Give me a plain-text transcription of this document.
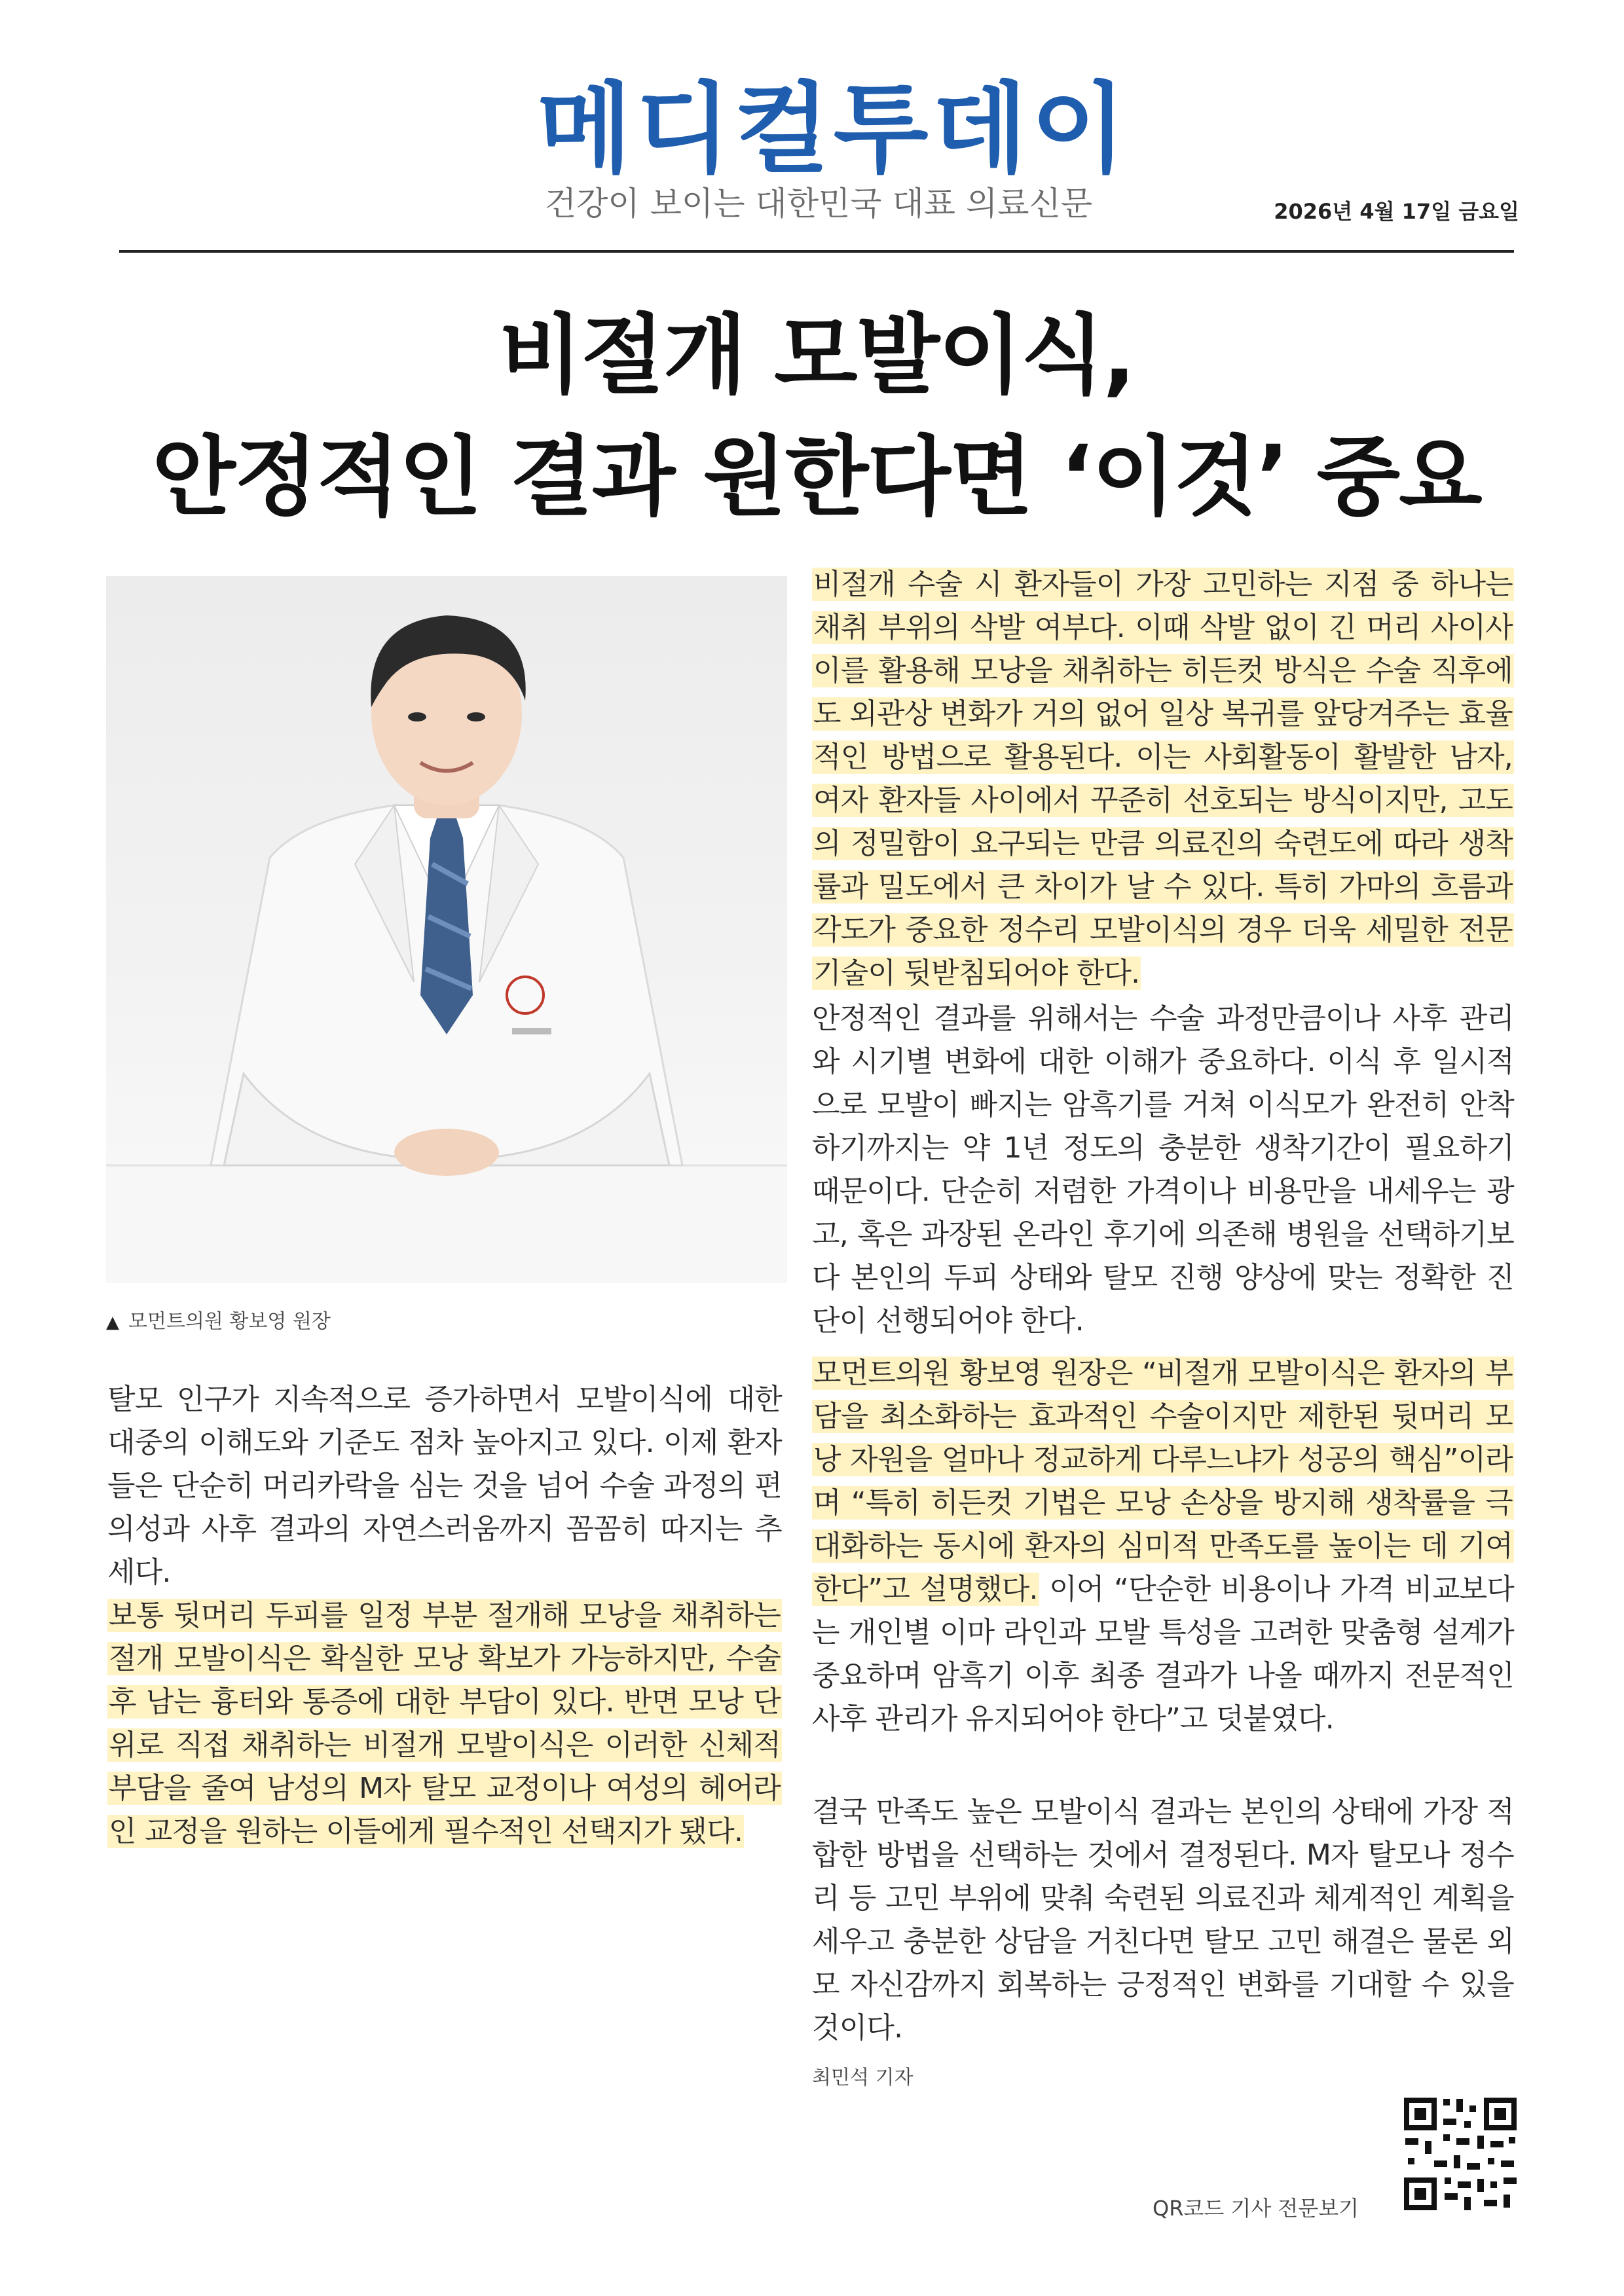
메디컬투데이
건강이 보이는 대한민국 대표 의료신문	2026년 4월 17일 금요일
비절개 모발이식,
안정적인 결과 원한다면 ‘이것’ 중요
▲ 모먼트의원 황보영 원장

탈모 인구가 지속적으로 증가하면서 모발이식에 대한 대중의 이해도와 기준도 점차 높아지고 있다. 이제 환자들은 단순히 머리카락을 심는 것을 넘어 수술 과정의 편의성과 사후 결과의 자연스러움까지 꼼꼼히 따지는 추세다.

보통 뒷머리 두피를 일정 부분 절개해 모낭을 채취하는 절개 모발이식은 확실한 모낭 확보가 가능하지만, 수술 후 남는 흉터와 통증에 대한 부담이 있다. 반면 모낭 단위로 직접 채취하는 비절개 모발이식은 이러한 신체적 부담을 줄여 남성의 M자 탈모 교정이나 여성의 헤어라인 교정을 원하는 이들에게 필수적인 선택지가 됐다.

비절개 수술 시 환자들이 가장 고민하는 지점 중 하나는 채취 부위의 삭발 여부다. 이때 삭발 없이 긴 머리 사이사이를 활용해 모낭을 채취하는 히든컷 방식은 수술 직후에도 외관상 변화가 거의 없어 일상 복귀를 앞당겨주는 효율적인 방법으로 활용된다. 이는 사회활동이 활발한 남자, 여자 환자들 사이에서 꾸준히 선호되는 방식이지만, 고도의 정밀함이 요구되는 만큼 의료진의 숙련도에 따라 생착률과 밀도에서 큰 차이가 날 수 있다. 특히 가마의 흐름과 각도가 중요한 정수리 모발이식의 경우 더욱 세밀한 전문 기술이 뒷받침되어야 한다.

안정적인 결과를 위해서는 수술 과정만큼이나 사후 관리와 시기별 변화에 대한 이해가 중요하다. 이식 후 일시적으로 모발이 빠지는 암흑기를 거쳐 이식모가 완전히 안착하기까지는 약 1년 정도의 충분한 생착기간이 필요하기 때문이다. 단순히 저렴한 가격이나 비용만을 내세우는 광고, 혹은 과장된 온라인 후기에 의존해 병원을 선택하기보다 본인의 두피 상태와 탈모 진행 양상에 맞는 정확한 진단이 선행되어야 한다.

모먼트의원 황보영 원장은 “비절개 모발이식은 환자의 부담을 최소화하는 효과적인 수술이지만 제한된 뒷머리 모낭 자원을 얼마나 정교하게 다루느냐가 성공의 핵심”이라며 “특히 히든컷 기법은 모낭 손상을 방지해 생착률을 극대화하는 동시에 환자의 심미적 만족도를 높이는 데 기여한다”고 설명했다. 이어 “단순한 비용이나 가격 비교보다는 개인별 이마 라인과 모발 특성을 고려한 맞춤형 설계가 중요하며 암흑기 이후 최종 결과가 나올 때까지 전문적인 사후 관리가 유지되어야 한다”고 덧붙였다.

결국 만족도 높은 모발이식 결과는 본인의 상태에 가장 적합한 방법을 선택하는 것에서 결정된다. M자 탈모나 정수리 등 고민 부위에 맞춰 숙련된 의료진과 체계적인 계획을 세우고 충분한 상담을 거친다면 탈모 고민 해결은 물론 외모 자신감까지 회복하는 긍정적인 변화를 기대할 수 있을 것이다.

최민석 기자
QR코드 기사 전문보기
